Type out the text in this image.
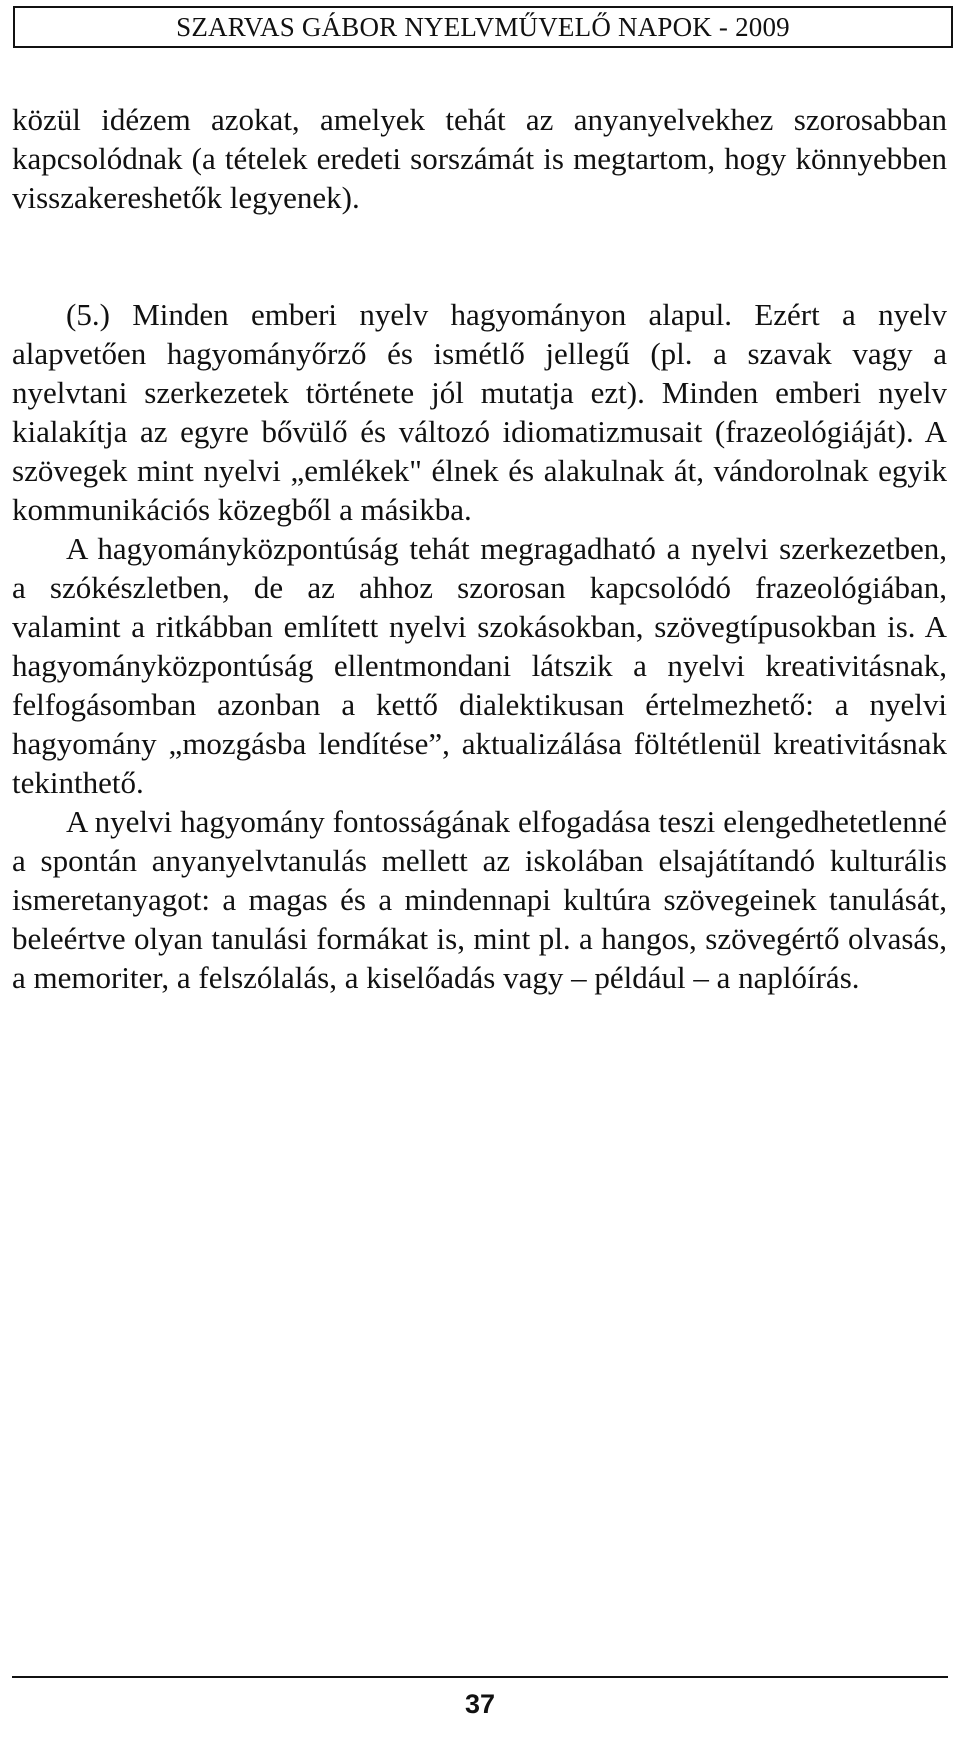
SZARVAS GÁBOR NYELVMŰVELŐ NAPOK - 2009

közül idézem azokat, amelyek tehát az anyanyelvekhez szorosabban kapcsolódnak (a tételek eredeti sorszámát is megtartom, hogy könnyebben visszakereshetők legyenek).

(5.) Minden emberi nyelv hagyományon alapul. Ezért a nyelv alapvetően hagyományőrző és ismétlő jellegű (pl. a szavak vagy a nyelvtani szerkezetek története jól mutatja ezt). Minden emberi nyelv kialakítja az egyre bővülő és változó idiomatizmusait (frazeológiáját). A szövegek mint nyelvi „emlékek" élnek és alakulnak át, vándorolnak egyik kommunikációs közegből a másikba.

A hagyományközpontúság tehát megragadható a nyelvi szerkezetben, a szókészletben, de az ahhoz szorosan kapcsolódó frazeológiában, valamint a ritkábban említett nyelvi szokásokban, szövegtípusokban is. A hagyományközpontúság ellentmondani látszik a nyelvi kreativitásnak, felfogásomban azonban a kettő dialektikusan értelmezhető: a nyelvi hagyomány „mozgásba lendítése”, aktualizálása föltétlenül kreativitásnak tekinthető.

A nyelvi hagyomány fontosságának elfogadása teszi elengedhetetlenné a spontán anyanyelvtanulás mellett az iskolában elsajátítandó kulturális ismeretanyagot: a magas és a mindennapi kultúra szövegeinek tanulását, beleértve olyan tanulási formákat is, mint pl. a hangos, szövegértő olvasás, a memoriter, a felszólalás, a kiselőadás vagy – például – a naplóírás.

37
